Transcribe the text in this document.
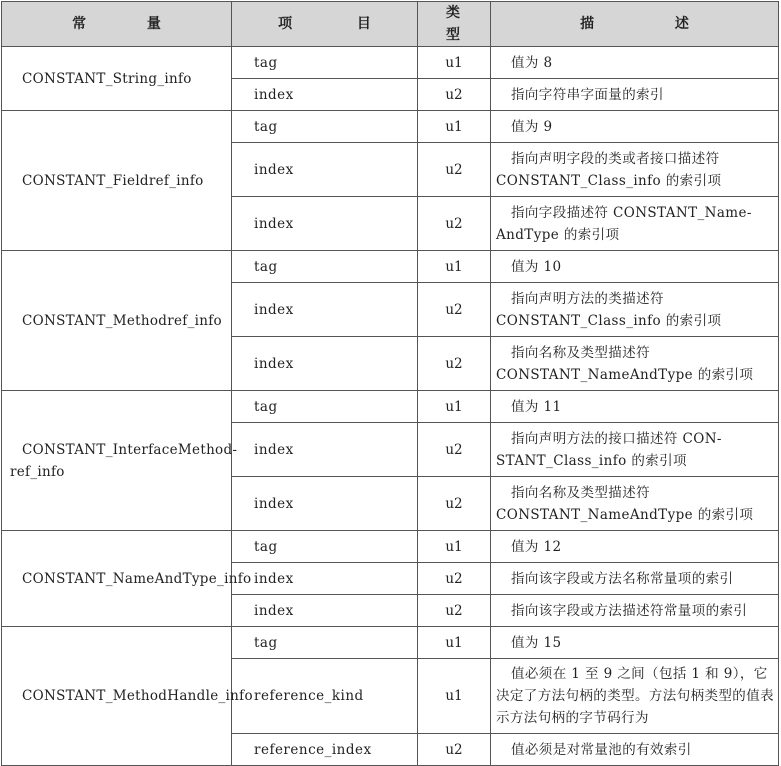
常 量	项 目	类 型	描 述
CONSTANT_String_info	tag	u1	值为 8
	index	u2	指向字符串字面量的索引
CONSTANT_Fieldref_info	tag	u1	值为 9
	index	u2	指向声明字段的类或者接口描述符 CONSTANT_Class_info 的索引项
	index	u2	指向字段描述符 CONSTANT_Name-AndType 的索引项
CONSTANT_Methodref_info	tag	u1	值为 10
	index	u2	指向声明方法的类描述符 CONSTANT_Class_info 的索引项
	index	u2	指向名称及类型描述符 CONSTANT_NameAndType 的索引项
CONSTANT_InterfaceMethod-ref_info	tag	u1	值为 11
	index	u2	指向声明方法的接口描述符 CON-STANT_Class_info 的索引项
	index	u2	指向名称及类型描述符 CONSTANT_NameAndType 的索引项
CONSTANT_NameAndType_info	tag	u1	值为 12
	index	u2	指向该字段或方法名称常量项的索引
	index	u2	指向该字段或方法描述符常量项的索引
CONSTANT_MethodHandle_info	tag	u1	值为 15
	reference_kind	u1	值必须在 1 至 9 之间（包括 1 和 9），它决定了方法句柄的类型。方法句柄类型的值表示方法句柄的字节码行为
	reference_index	u2	值必须是对常量池的有效索引
